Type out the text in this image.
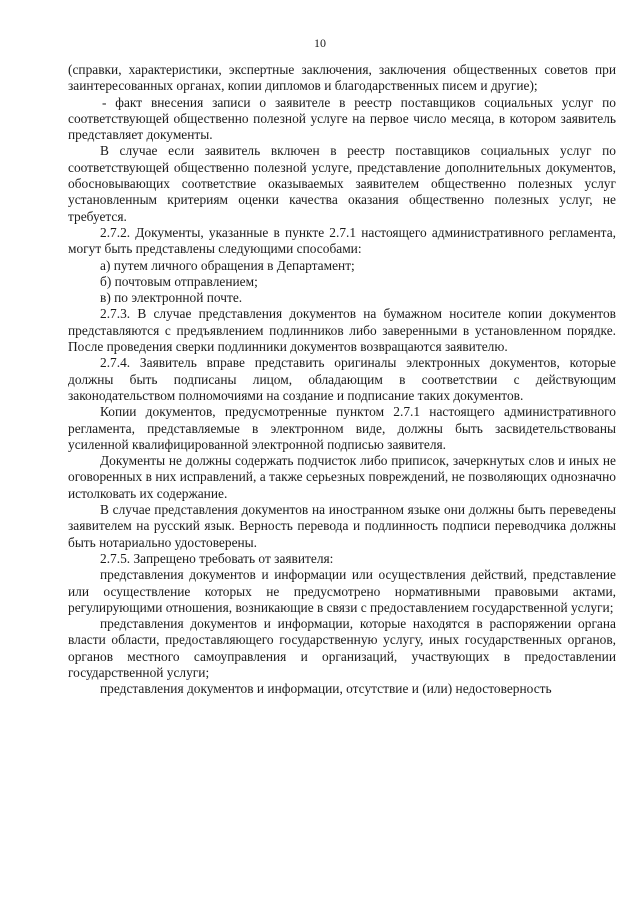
10

(справки, характеристики, экспертные заключения, заключения общественных советов при заинтересованных органах, копии дипломов и благодарственных писем и другие);

- факт внесения записи о заявителе в реестр поставщиков социальных услуг по соответствующей общественно полезной услуге на первое число месяца, в котором заявитель представляет документы.

В случае если заявитель включен в реестр поставщиков социальных услуг по соответствующей общественно полезной услуге, представление дополнительных документов, обосновывающих соответствие оказываемых заявителем общественно полезных услуг установленным критериям оценки качества оказания общественно полезных услуг, не требуется.

2.7.2. Документы, указанные в пункте 2.7.1 настоящего административного регламента, могут быть представлены следующими способами:

а) путем личного обращения в Департамент;

б) почтовым отправлением;

в) по электронной почте.

2.7.3. В случае представления документов на бумажном носителе копии документов представляются с предъявлением подлинников либо заверенными в установленном порядке. После проведения сверки подлинники документов возвращаются заявителю.

2.7.4. Заявитель вправе представить оригиналы электронных документов, которые должны быть подписаны лицом, обладающим в соответствии с действующим законодательством полномочиями на создание и подписание таких документов.

Копии документов, предусмотренные пунктом 2.7.1 настоящего административного регламента, представляемые в электронном виде, должны быть засвидетельствованы усиленной квалифицированной электронной подписью заявителя.

Документы не должны содержать подчисток либо приписок, зачеркнутых слов и иных не оговоренных в них исправлений, а также серьезных повреждений, не позволяющих однозначно истолковать их содержание.

В случае представления документов на иностранном языке они должны быть переведены заявителем на русский язык. Верность перевода и подлинность подписи переводчика должны быть нотариально удостоверены.

2.7.5. Запрещено требовать от заявителя:

представления документов и информации или осуществления действий, представление или осуществление которых не предусмотрено нормативными правовыми актами, регулирующими отношения, возникающие в связи с предоставлением государственной услуги;

представления документов и информации, которые находятся в распоряжении органа власти области, предоставляющего государственную услугу, иных государственных органов, органов местного самоуправления и организаций, участвующих в предоставлении государственной услуги;

представления документов и информации, отсутствие и (или) недостоверность
